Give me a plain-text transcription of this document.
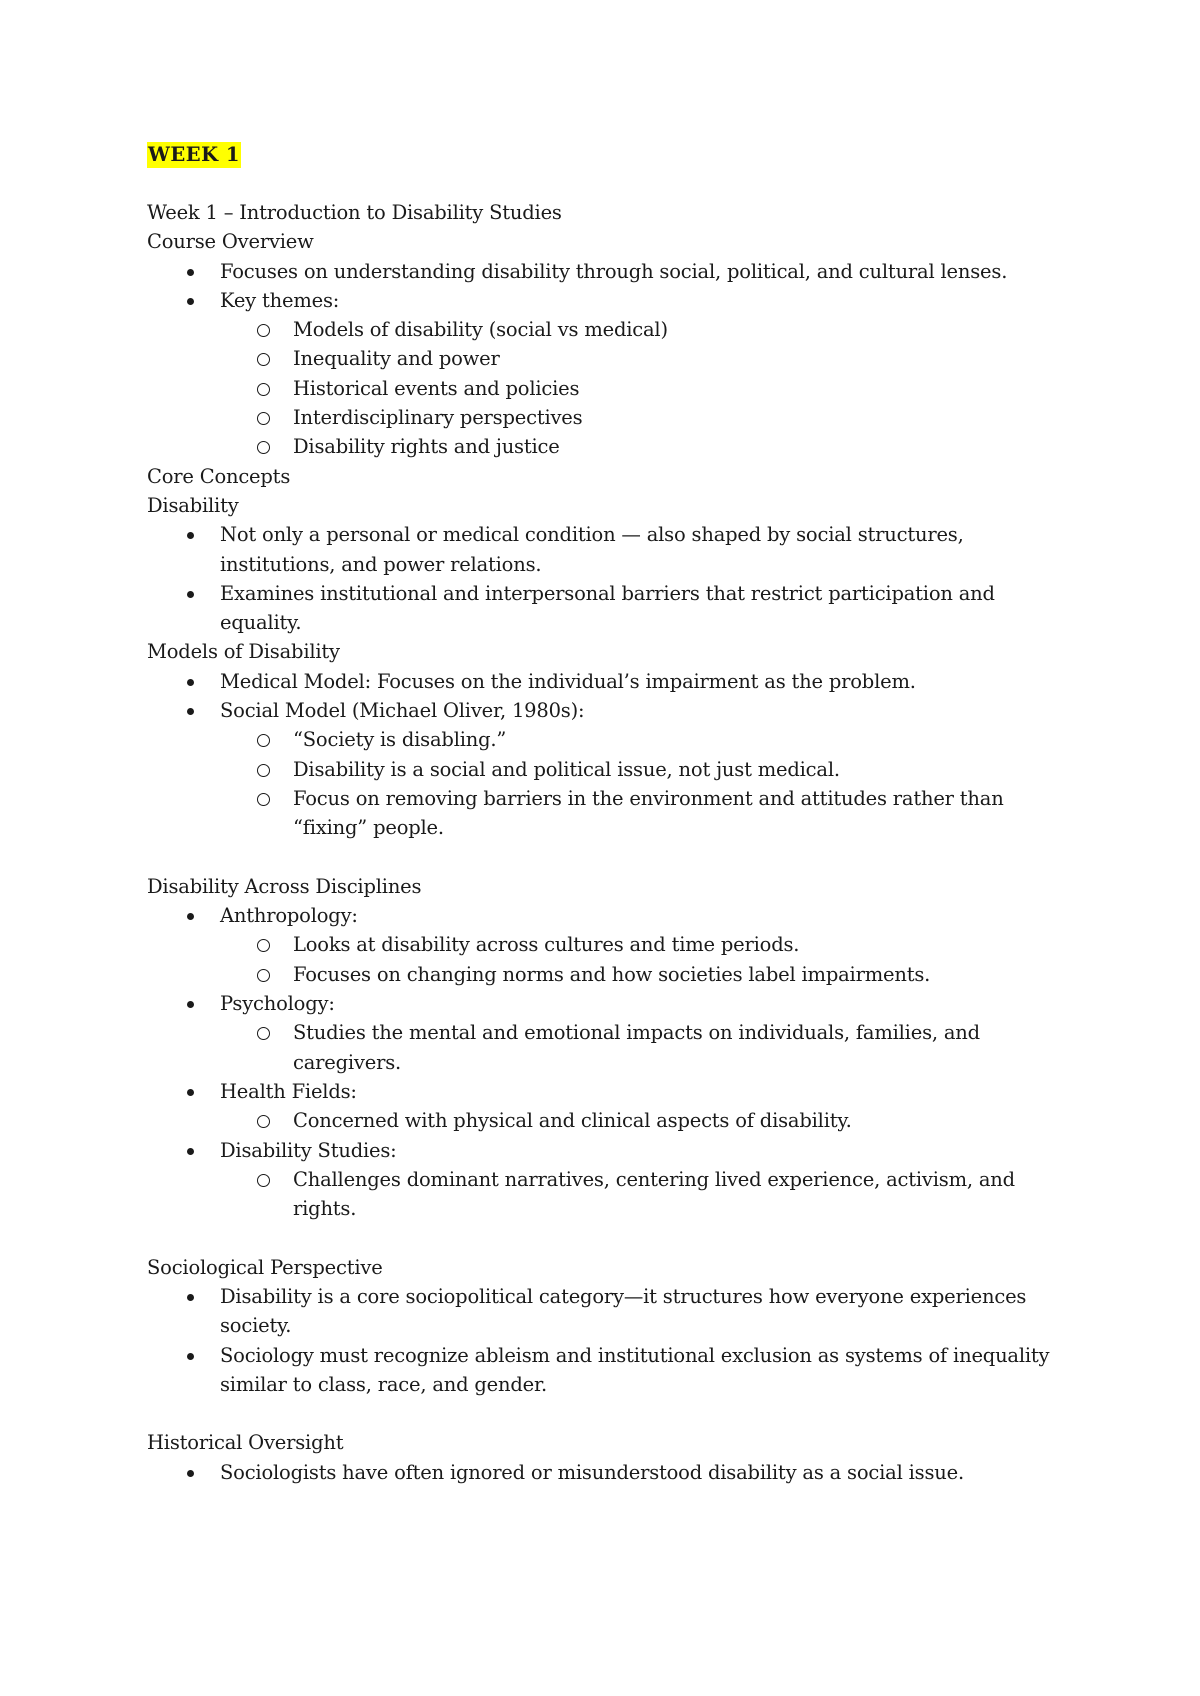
WEEK 1
Week 1 – Introduction to Disability Studies
Course Overview
Focuses on understanding disability through social, political, and cultural lenses.
Key themes:
Models of disability (social vs medical)
Inequality and power
Historical events and policies
Interdisciplinary perspectives
Disability rights and justice
Core Concepts
Disability
Not only a personal or medical condition — also shaped by social structures, institutions, and power relations.
Examines institutional and interpersonal barriers that restrict participation and equality.
Models of Disability
Medical Model: Focuses on the individual’s impairment as the problem.
Social Model (Michael Oliver, 1980s):
“Society is disabling.”
Disability is a social and political issue, not just medical.
Focus on removing barriers in the environment and attitudes rather than “fixing” people.
Disability Across Disciplines
Anthropology:
Looks at disability across cultures and time periods.
Focuses on changing norms and how societies label impairments.
Psychology:
Studies the mental and emotional impacts on individuals, families, and caregivers.
Health Fields:
Concerned with physical and clinical aspects of disability.
Disability Studies:
Challenges dominant narratives, centering lived experience, activism, and rights.
Sociological Perspective
Disability is a core sociopolitical category—it structures how everyone experiences society.
Sociology must recognize ableism and institutional exclusion as systems of inequality similar to class, race, and gender.
Historical Oversight
Sociologists have often ignored or misunderstood disability as a social issue.
